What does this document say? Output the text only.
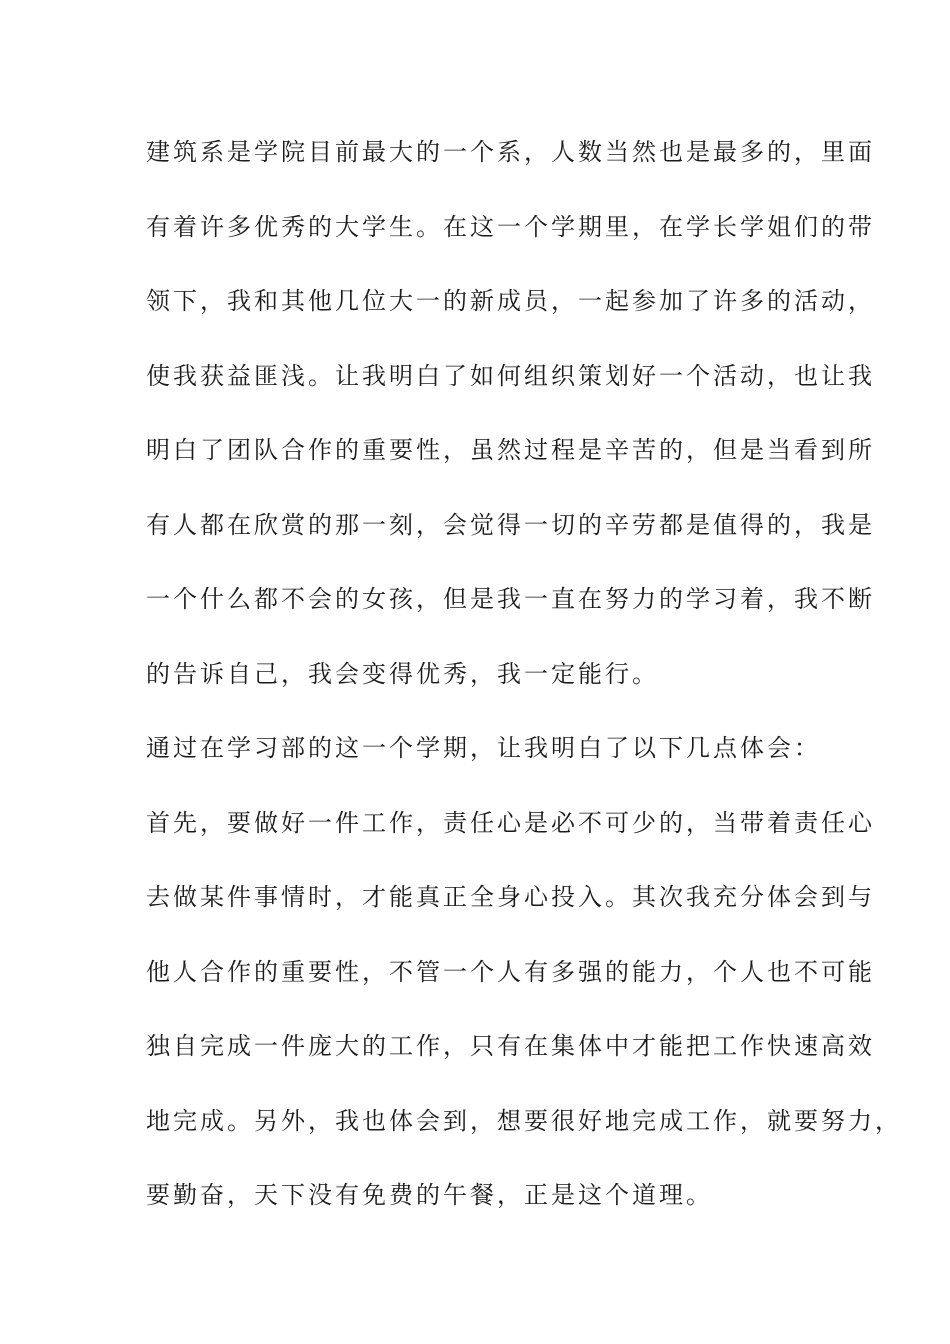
建筑系是学院目前最大的一个系，人数当然也是最多的，里面

有着许多优秀的大学生。在这一个学期里，在学长学姐们的带

领下，我和其他几位大一的新成员，一起参加了许多的活动，

使我获益匪浅。让我明白了如何组织策划好一个活动，也让我

明白了团队合作的重要性，虽然过程是辛苦的，但是当看到所

有人都在欣赏的那一刻，会觉得一切的辛劳都是值得的，我是

一个什么都不会的女孩，但是我一直在努力的学习着，我不断

的告诉自己，我会变得优秀，我一定能行。

通过在学习部的这一个学期，让我明白了以下几点体会：

首先，要做好一件工作，责任心是必不可少的，当带着责任心

去做某件事情时，才能真正全身心投入。其次我充分体会到与

他人合作的重要性，不管一个人有多强的能力，个人也不可能

独自完成一件庞大的工作，只有在集体中才能把工作快速高效

地完成。另外，我也体会到，想要很好地完成工作，就要努力，

要勤奋，天下没有免费的午餐，正是这个道理。
